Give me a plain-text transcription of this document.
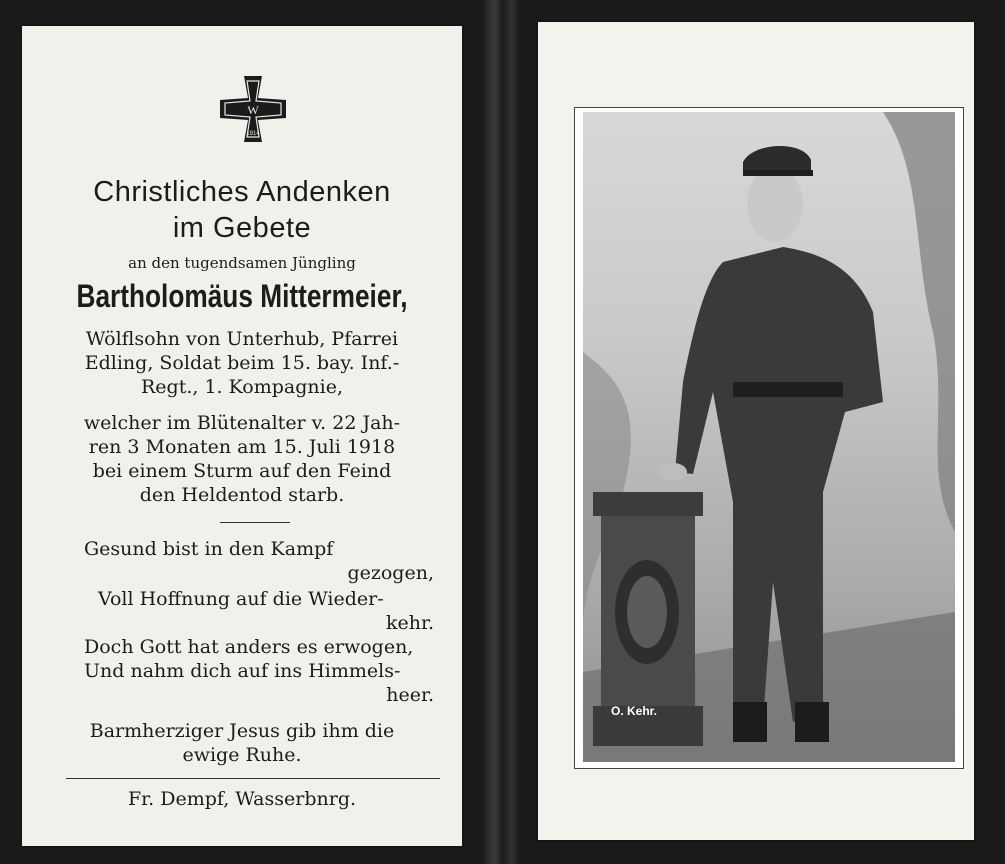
W
1914
Christliches Andenken
im Gebete
an den tugendsamen Jüngling
Bartholomäus Mittermeier,
Wölflsohn von Unterhub, Pfarrei
Edling, Soldat beim 15. bay. Inf.-
Regt., 1. Kompagnie,
welcher im Blütenalter v. 22 Jah-
ren 3 Monaten am 15. Juli 1918
bei einem Sturm auf den Feind
den Heldentod starb.
Gesund bist in den Kampf
gezogen,
Voll Hoffnung auf die Wieder-
kehr.
Doch Gott hat anders es erwogen,
Und nahm dich auf ins Himmels-
heer.
Barmherziger Jesus gib ihm die
ewige Ruhe.
Fr. Dempf, Wasserbnrg.
O. Kehr.
